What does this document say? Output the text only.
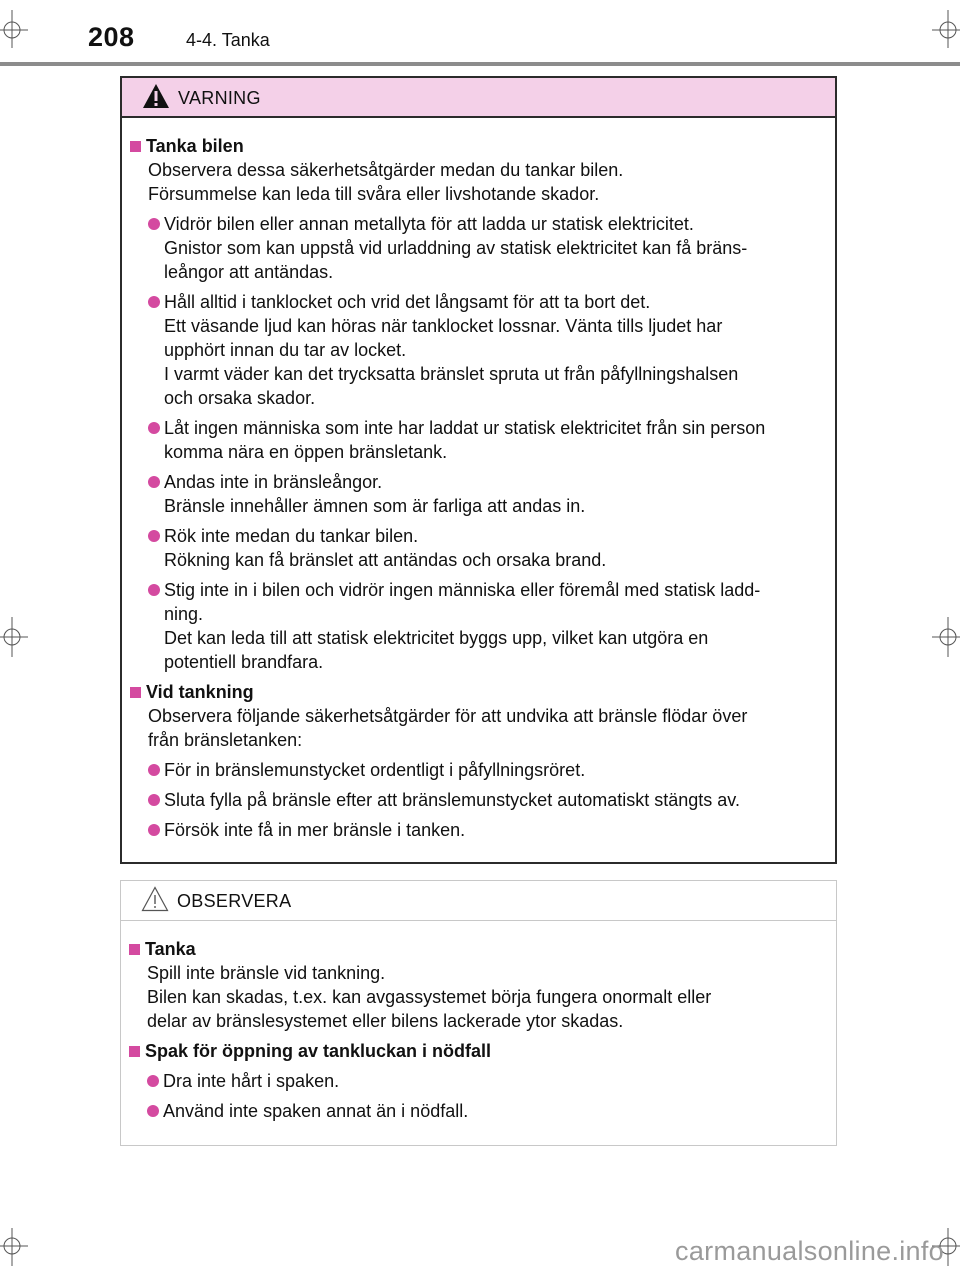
208	4-4. Tanka
VARNING
Tanka bilen

Observera dessa säkerhetsåtgärder medan du tankar bilen.

Försummelse kan leda till svåra eller livshotande skador.

Vidrör bilen eller annan metallyta för att ladda ur statisk elektricitet.

Gnistor som kan uppstå vid urladdning av statisk elektricitet kan få bräns-

leångor att antändas.

Håll alltid i tanklocket och vrid det långsamt för att ta bort det.

Ett väsande ljud kan höras när tanklocket lossnar. Vänta tills ljudet har

upphört innan du tar av locket.

I varmt väder kan det trycksatta bränslet spruta ut från påfyllningshalsen

och orsaka skador.

Låt ingen människa som inte har laddat ur statisk elektricitet från sin person

komma nära en öppen bränsletank.

Andas inte in bränsleångor.

Bränsle innehåller ämnen som är farliga att andas in.

Rök inte medan du tankar bilen.

Rökning kan få bränslet att antändas och orsaka brand.

Stig inte in i bilen och vidrör ingen människa eller föremål med statisk ladd-

ning.

Det kan leda till att statisk elektricitet byggs upp, vilket kan utgöra en

potentiell brandfara.

Vid tankning

Observera följande säkerhetsåtgärder för att undvika att bränsle flödar över

från bränsletanken:

För in bränslemunstycket ordentligt i påfyllningsröret.

Sluta fylla på bränsle efter att bränslemunstycket automatiskt stängts av.

Försök inte få in mer bränsle i tanken.

OBSERVERA
Tanka

Spill inte bränsle vid tankning.

Bilen kan skadas, t.ex. kan avgassystemet börja fungera onormalt eller

delar av bränslesystemet eller bilens lackerade ytor skadas.

Spak för öppning av tankluckan i nödfall

Dra inte hårt i spaken.

Använd inte spaken annat än i nödfall.

carmanualsonline.info
